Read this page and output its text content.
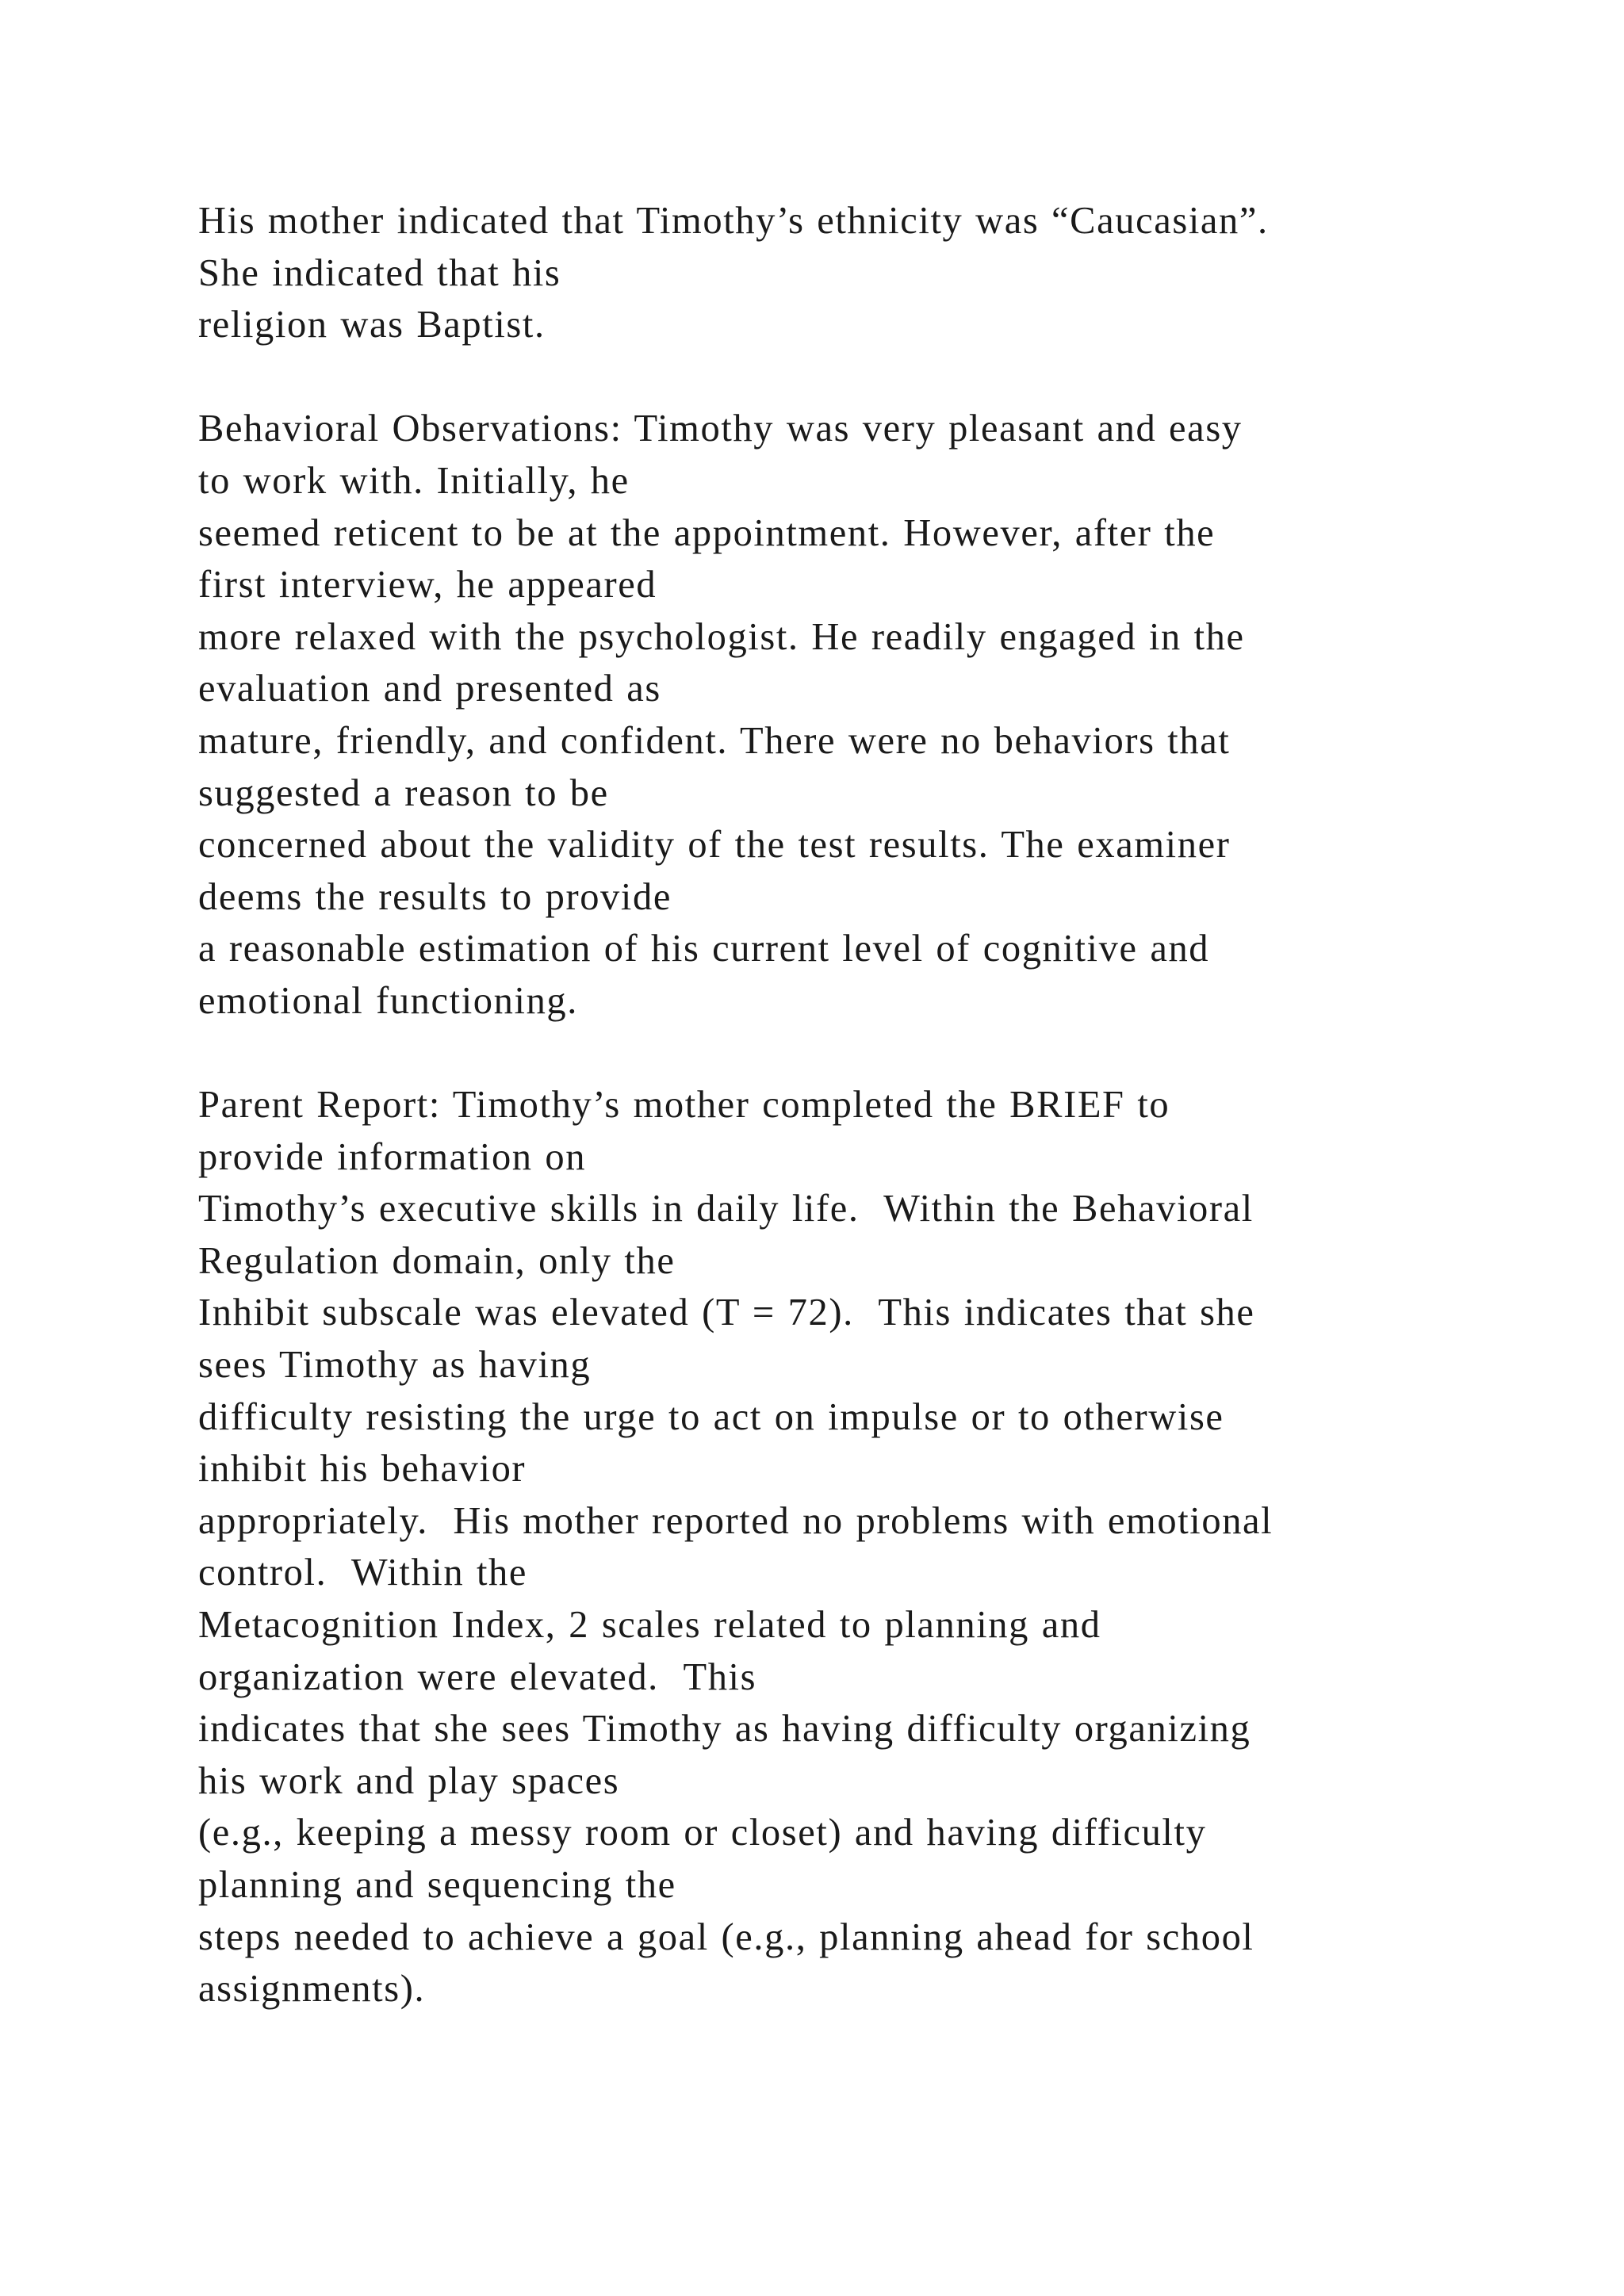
His mother indicated that Timothy’s ethnicity was “Caucasian”.
She indicated that his
religion was Baptist.

Behavioral Observations: Timothy was very pleasant and easy
to work with. Initially, he
seemed reticent to be at the appointment. However, after the
first interview, he appeared
more relaxed with the psychologist. He readily engaged in the
evaluation and presented as
mature, friendly, and confident. There were no behaviors that
suggested a reason to be
concerned about the validity of the test results. The examiner
deems the results to provide
a reasonable estimation of his current level of cognitive and
emotional functioning.

Parent Report: Timothy’s mother completed the BRIEF to
provide information on
Timothy’s executive skills in daily life.  Within the Behavioral
Regulation domain, only the
Inhibit subscale was elevated (T = 72).  This indicates that she
sees Timothy as having
difficulty resisting the urge to act on impulse or to otherwise
inhibit his behavior
appropriately.  His mother reported no problems with emotional
control.  Within the
Metacognition Index, 2 scales related to planning and
organization were elevated.  This
indicates that she sees Timothy as having difficulty organizing
his work and play spaces
(e.g., keeping a messy room or closet) and having difficulty
planning and sequencing the
steps needed to achieve a goal (e.g., planning ahead for school
assignments).
